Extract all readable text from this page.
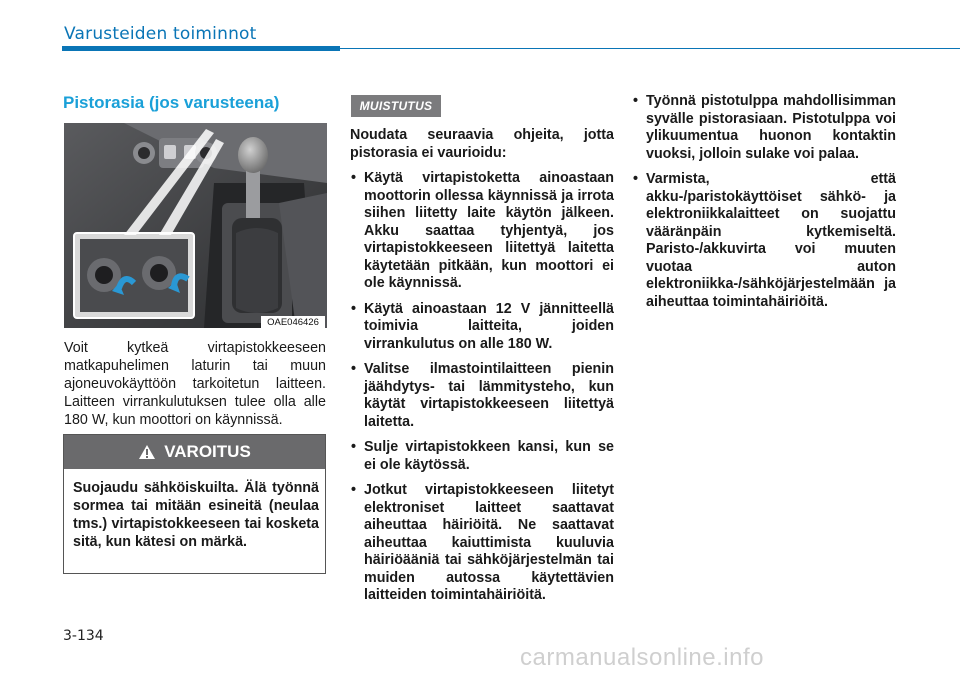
Varusteiden toiminnot
Pistorasia (jos varusteena)
OAE046426
Voit kytkeä virtapistokkeeseen matkapuhelimen laturin tai muun ajoneuvokäyttöön tarkoitetun laitteen. Laitteen virrankulutuksen tulee olla alle 180 W, kun moottori on käynnissä.
VAROITUS
Suojaudu sähköiskuilta. Älä työnnä sormea tai mitään esineitä (neulaa tms.) virtapistokkeeseen tai kosketa sitä, kun kätesi on märkä.
MUISTUTUS

Noudata seuraavia ohjeita, jotta pistorasia ei vaurioidu:

• Käytä virtapistoketta ainoastaan moottorin ollessa käynnissä ja irrota siihen liitetty laite käytön jälkeen. Akku saattaa tyhjentyä, jos virtapistokkeeseen liitettyä laitetta käytetään pitkään, kun moottori ei ole käynnissä.
• Käytä ainoastaan 12 V jännitteellä toimivia laitteita, joiden virrankulutus on alle 180 W.
• Valitse ilmastointilaitteen pienin jäähdytys- tai lämmitysteho, kun käytät virtapistokkeeseen liitettyä laitetta.
• Sulje virtapistokkeen kansi, kun se ei ole käytössä.
• Jotkut virtapistokkeeseen liitetyt elektroniset laitteet saattavat aiheuttaa häiriöitä. Ne saattavat aiheuttaa kaiuttimista kuuluvia häiriöääniä tai sähköjärjestelmän tai muiden autossa käytettävien laitteiden toimintahäiriöitä.
• Työnnä pistotulppa mahdollisimman syvälle pistorasiaan. Pistotulppa voi ylikuumentua huonon kontaktin vuoksi, jolloin sulake voi palaa.
• Varmista, että akku-/paristokäyttöiset sähkö- ja elektroniikkalaitteet on suojattu vääränpäin kytkemiseltä. Paristo-/akkuvirta voi muuten vuotaa auton elektroniikka-/sähköjärjestelmään ja aiheuttaa toimintahäiriöitä.
3-134
carmanualsonline.info
